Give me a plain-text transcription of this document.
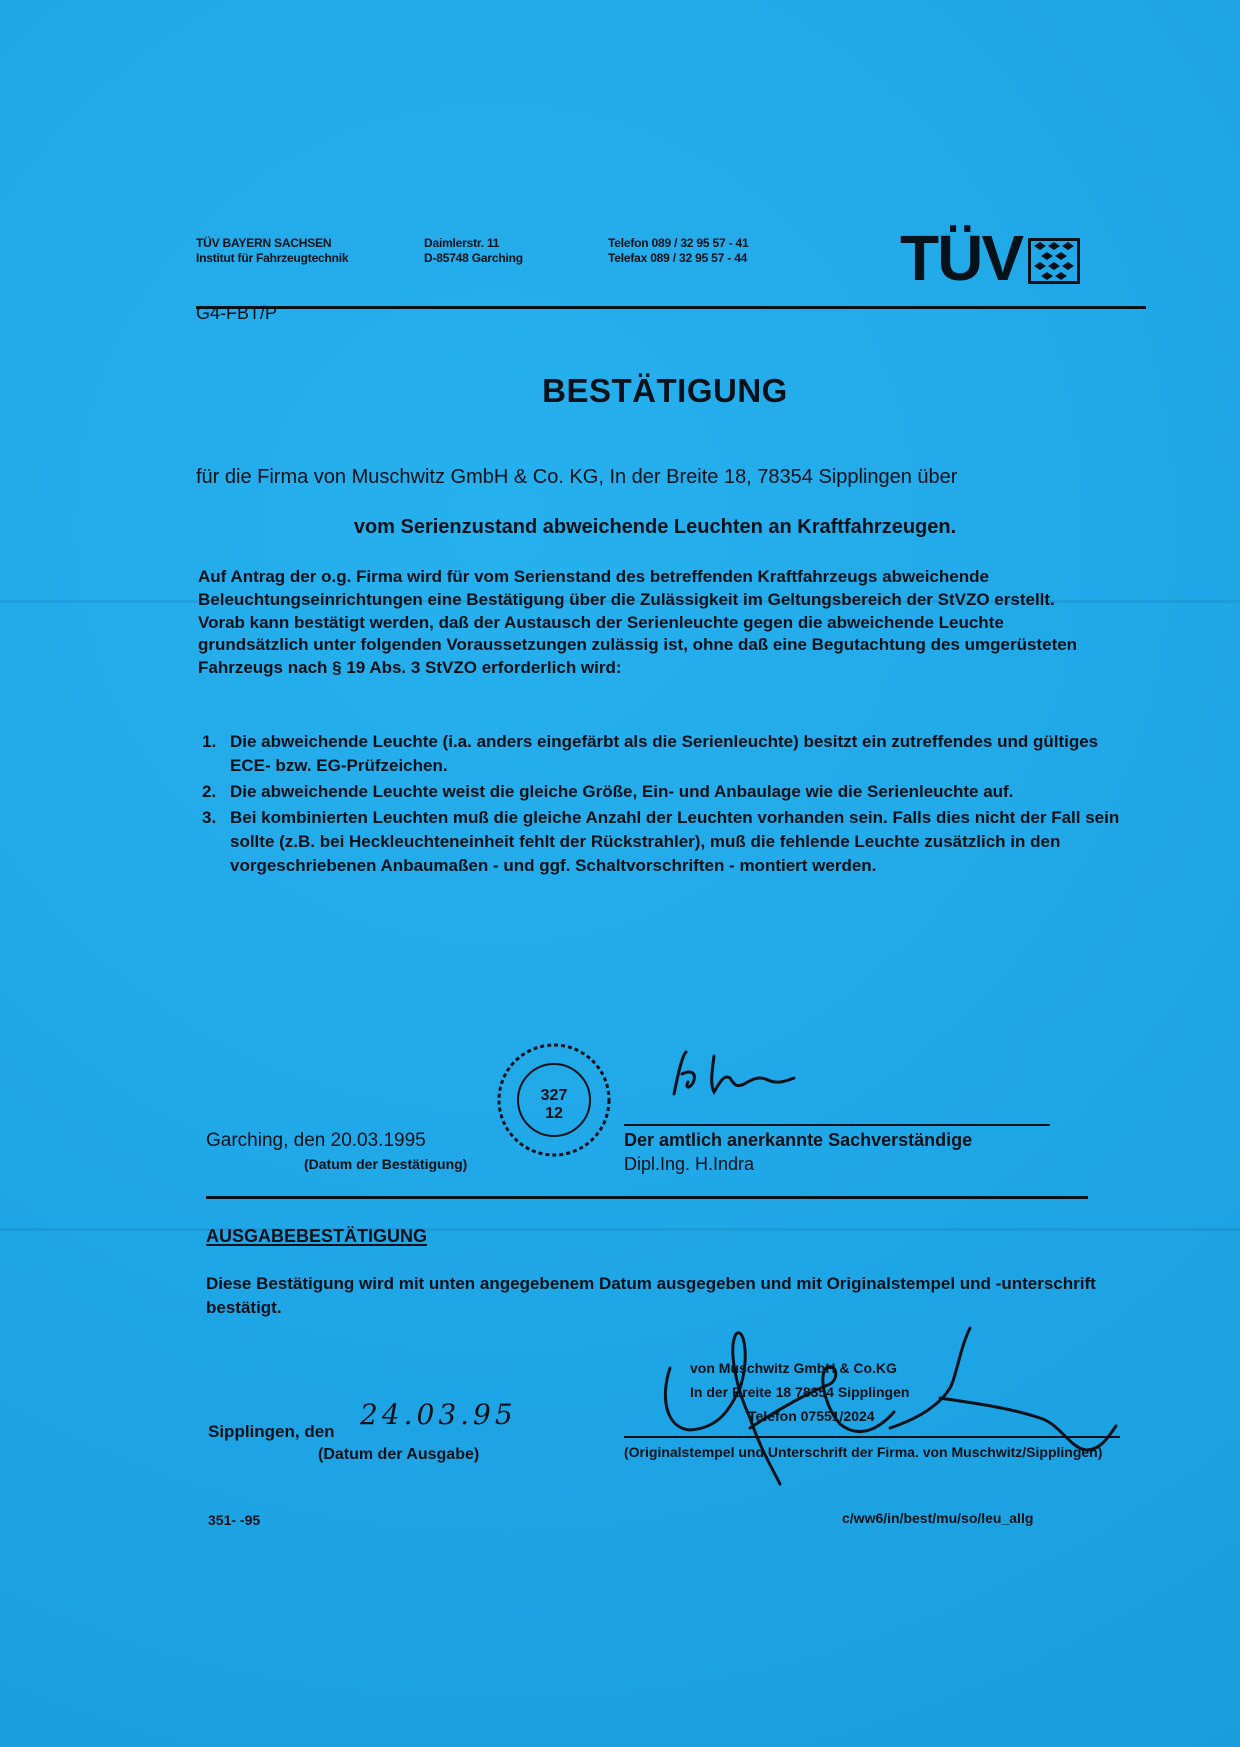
TÜV BAYERN SACHSEN
Institut für Fahrzeugtechnik
Daimlerstr. 11
D-85748 Garching
Telefon 089 / 32 95 57 - 41
Telefax 089 / 32 95 57 - 44 TÜV
G4-FBT/P
BESTÄTIGUNG
für die Firma von Muschwitz GmbH & Co. KG, In der Breite 18, 78354 Sipplingen über
vom Serienzustand abweichende Leuchten an Kraftfahrzeugen.
Auf Antrag der o.g. Firma wird für vom Serienstand des betreffenden Kraftfahrzeugs abweichende Beleuchtungseinrichtungen eine Bestätigung über die Zulässigkeit im Geltungsbereich der StVZO erstellt. Vorab kann bestätigt werden, daß der Austausch der Serienleuchte gegen die abweichende Leuchte grundsätzlich unter folgenden Voraussetzungen zulässig ist, ohne daß eine Begutachtung des umgerüsteten Fahrzeugs nach § 19 Abs. 3 StVZO erforderlich wird:
1. Die abweichende Leuchte (i.a. anders eingefärbt als die Serienleuchte) besitzt ein zutreffendes und gültiges ECE- bzw. EG-Prüfzeichen.
2. Die abweichende Leuchte weist die gleiche Größe, Ein- und Anbaulage wie die Serienleuchte auf.
3. Bei kombinierten Leuchten muß die gleiche Anzahl der Leuchten vorhanden sein. Falls dies nicht der Fall sein sollte (z.B. bei Heckleuchteneinheit fehlt der Rückstrahler), muß die fehlende Leuchte zusätzlich in den vorgeschriebenen Anbaumaßen - und ggf. Schaltvorschriften - montiert werden.
327
12
Der amtlich anerkannte Sachverständige
Dipl.Ing. H.Indra
Garching, den 20.03.1995
(Datum der Bestätigung)
AUSGABEBESTÄTIGUNG
Diese Bestätigung wird mit unten angegebenem Datum ausgegeben und mit Originalstempel und -unterschrift bestätigt.
von Muschwitz GmbH & Co.KG
In der Breite 18 78354 Sipplingen
Telefon 07551/2024
(Originalstempel und Unterschrift der Firma. von Muschwitz/Sipplingen)
Sipplingen, den
24.03.95
(Datum der Ausgabe)
351- -95	c/ww6/in/best/mu/so/leu_allg
